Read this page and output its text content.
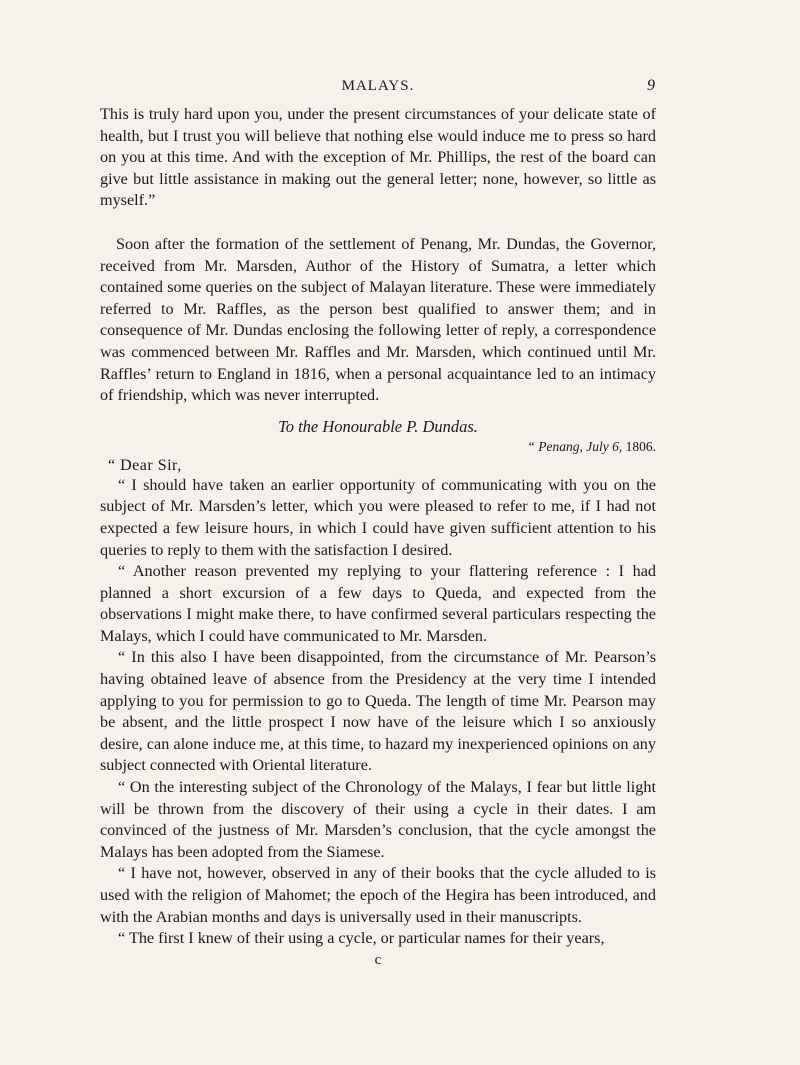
MALAYS.	9

This is truly hard upon you, under the present circumstances of your delicate state of health, but I trust you will believe that nothing else would induce me to press so hard on you at this time. And with the exception of Mr. Phillips, the rest of the board can give but little assistance in making out the general letter; none, however, so little as myself.”

Soon after the formation of the settlement of Penang, Mr. Dundas, the Governor, received from Mr. Marsden, Author of the History of Sumatra, a letter which contained some queries on the subject of Malayan literature. These were immediately referred to Mr. Raffles, as the person best qualified to answer them; and in consequence of Mr. Dundas enclosing the following letter of reply, a correspondence was commenced between Mr. Raffles and Mr. Marsden, which continued until Mr. Raffles’ return to England in 1816, when a personal acquaintance led to an intimacy of friendship, which was never interrupted.

To the Honourable P. Dundas.
“ Penang, July 6, 1806.
“ Dear Sir,

“ I should have taken an earlier opportunity of communicating with you on the subject of Mr. Marsden’s letter, which you were pleased to refer to me, if I had not expected a few leisure hours, in which I could have given sufficient attention to his queries to reply to them with the satisfaction I desired.

“ Another reason prevented my replying to your flattering reference : I had planned a short excursion of a few days to Queda, and expected from the observations I might make there, to have confirmed several particulars respecting the Malays, which I could have communicated to Mr. Marsden.

“ In this also I have been disappointed, from the circumstance of Mr. Pearson’s having obtained leave of absence from the Presidency at the very time I intended applying to you for permission to go to Queda. The length of time Mr. Pearson may be absent, and the little prospect I now have of the leisure which I so anxiously desire, can alone induce me, at this time, to hazard my inexperienced opinions on any subject connected with Oriental literature.

“ On the interesting subject of the Chronology of the Malays, I fear but little light will be thrown from the discovery of their using a cycle in their dates. I am convinced of the justness of Mr. Marsden’s conclusion, that the cycle amongst the Malays has been adopted from the Siamese.

“ I have not, however, observed in any of their books that the cycle alluded to is used with the religion of Mahomet; the epoch of the Hegira has been introduced, and with the Arabian months and days is universally used in their manuscripts.

“ The first I knew of their using a cycle, or particular names for their years,

c
